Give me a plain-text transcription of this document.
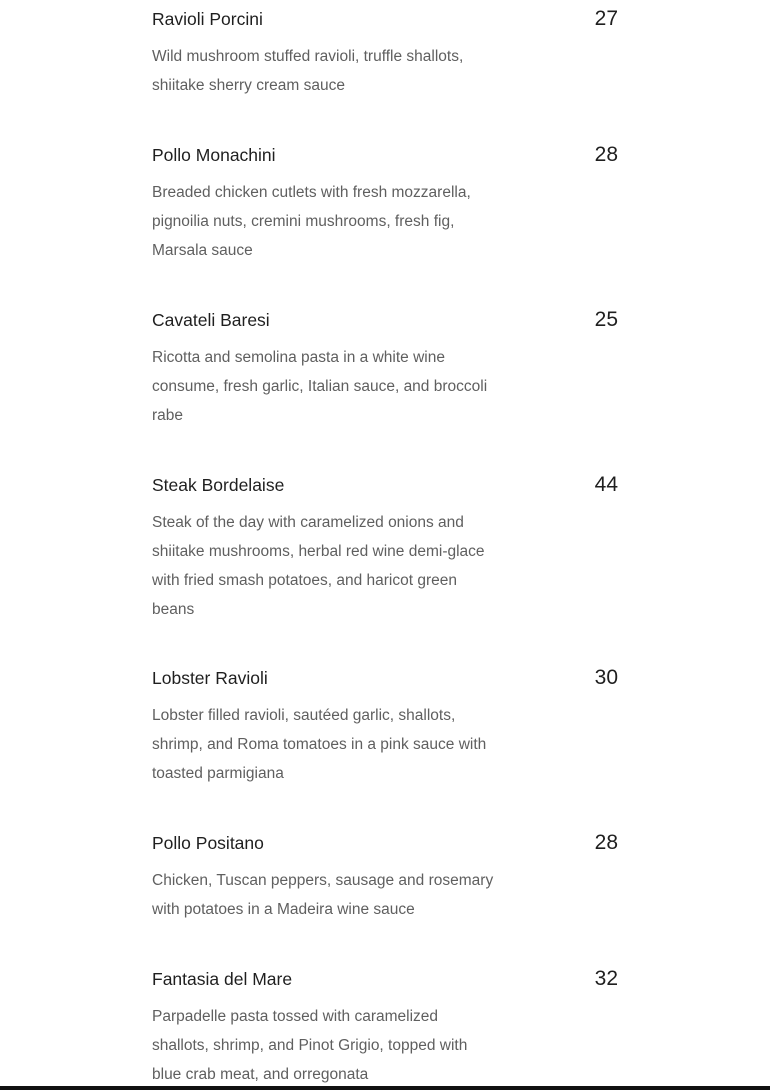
Ravioli Porcini	27
Wild mushroom stuffed ravioli, truffle shallots, shiitake sherry cream sauce
Pollo Monachini	28
Breaded chicken cutlets with fresh mozzarella, pignoilia nuts, cremini mushrooms, fresh fig, Marsala sauce
Cavateli Baresi	25
Ricotta and semolina pasta in a white wine consume, fresh garlic, Italian sauce, and broccoli rabe
Steak Bordelaise	44
Steak of the day with caramelized onions and shiitake mushrooms, herbal red wine demi-glace with fried smash potatoes, and haricot green beans
Lobster Ravioli	30
Lobster filled ravioli, sautéed garlic, shallots, shrimp, and Roma tomatoes in a pink sauce with toasted parmigiana
Pollo Positano	28
Chicken, Tuscan peppers, sausage and rosemary with potatoes in a Madeira wine sauce
Fantasia del Mare	32
Parpadelle pasta tossed with caramelized shallots, shrimp, and Pinot Grigio, topped with blue crab meat, and orregonata
